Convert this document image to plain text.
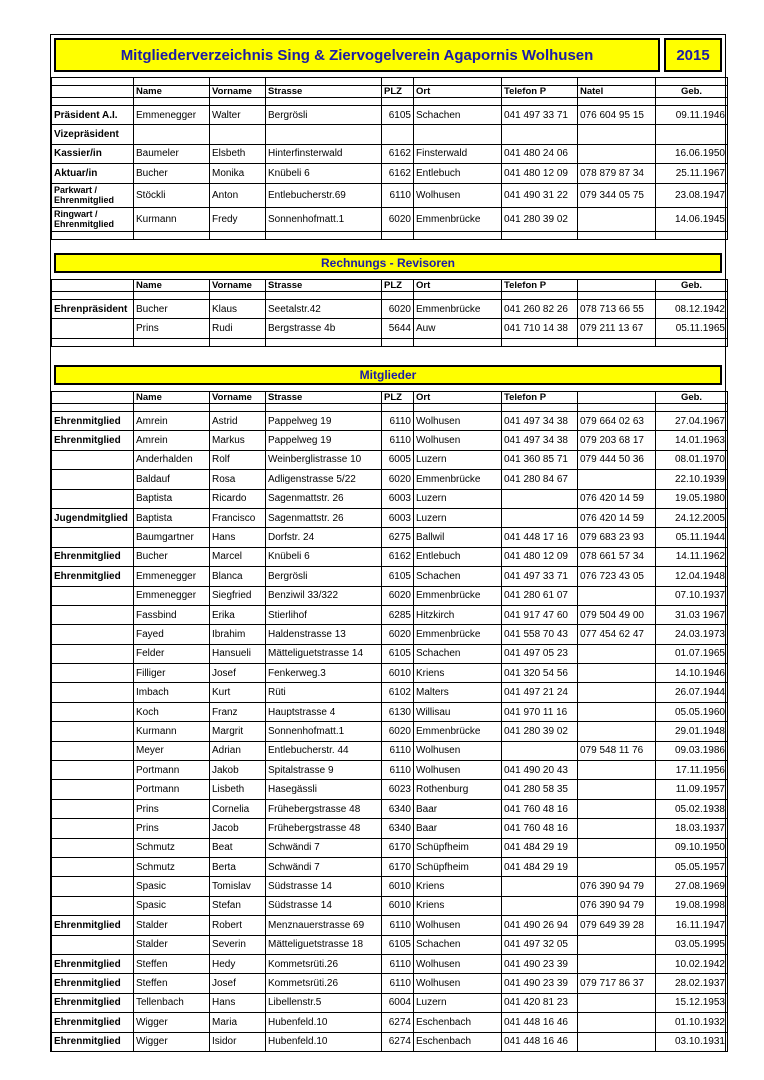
Mitgliederverzeichnis Sing & Ziervogelverein Agapornis Wolhusen	2015

	Name	Vorname	Strasse	PLZ	Ort	Telefon P	Natel	Geb.

Präsident A.I.	Emmenegger	Walter	Bergrösli	6105	Schachen	041 497 33 71	076 604 95 15	09.11.1946
Vizepräsident								
Kassier/in	Baumeler	Elsbeth	Hinterfinsterwald	6162	Finsterwald	041 480 24 06		16.06.1950
Aktuar/in	Bucher	Monika	Knübeli 6	6162	Entlebuch	041 480 12 09	078 879 87 34	25.11.1967
Parkwart / Ehrenmitglied	Stöckli	Anton	Entlebucherstr.69	6110	Wolhusen	041 490 31 22	079 344 05 75	23.08.1947
Ringwart / Ehrenmitglied	Kurmann	Fredy	Sonnenhofmatt.1	6020	Emmenbrücke	041 280 39 02		14.06.1945

Rechnungs - Revisoren
	Name	Vorname	Strasse	PLZ	Ort	Telefon P		Geb.

Ehrenpräsident	Bucher	Klaus	Seetalstr.42	6020	Emmenbrücke	041 260 82 26	078 713 66 55	08.12.1942
	Prins	Rudi	Bergstrasse 4b	5644	Auw	041 710 14 38	079 211 13 67	05.11.1965

Mitglieder
	Name	Vorname	Strasse	PLZ	Ort	Telefon P		Geb.

Ehrenmitglied	Amrein	Astrid	Pappelweg 19	6110	Wolhusen	041 497 34 38	079 664 02 63	27.04.1967
Ehrenmitglied	Amrein	Markus	Pappelweg 19	6110	Wolhusen	041 497 34 38	079 203 68 17	14.01.1963
	Anderhalden	Rolf	Weinberglistrasse 10	6005	Luzern	041 360 85 71	079 444 50 36	08.01.1970
	Baldauf	Rosa	Adligenstrasse 5/22	6020	Emmenbrücke	041 280 84 67		22.10.1939
	Baptista	Ricardo	Sagenmattstr. 26	6003	Luzern		076 420 14 59	19.05.1980
Jugendmitglied	Baptista	Francisco	Sagenmattstr. 26	6003	Luzern		076 420 14 59	24.12.2005
	Baumgartner	Hans	Dorfstr. 24	6275	Ballwil	041 448 17 16	079 683 23 93	05.11.1944
Ehrenmitglied	Bucher	Marcel	Knübeli 6	6162	Entlebuch	041 480 12 09	078 661 57 34	14.11.1962
Ehrenmitglied	Emmenegger	Blanca	Bergrösli	6105	Schachen	041 497 33 71	076 723 43 05	12.04.1948
	Emmenegger	Siegfried	Benziwil 33/322	6020	Emmenbrücke	041 280 61 07		07.10.1937
	Fassbind	Erika	Stierlihof	6285	Hitzkirch	041 917 47 60	079 504 49 00	31.03 1967
	Fayed	Ibrahim	Haldenstrasse 13	6020	Emmenbrücke	041 558 70 43	077 454 62 47	24.03.1973
	Felder	Hansueli	Mätteliguetstrasse 14	6105	Schachen	041 497 05 23		01.07.1965
	Filliger	Josef	Fenkerweg.3	6010	Kriens	041 320 54 56		14.10.1946
	Imbach	Kurt	Rüti	6102	Malters	041 497 21 24		26.07.1944
	Koch	Franz	Hauptstrasse 4	6130	Willisau	041 970 11 16		05.05.1960
	Kurmann	Margrit	Sonnenhofmatt.1	6020	Emmenbrücke	041 280 39 02		29.01.1948
	Meyer	Adrian	Entlebucherstr. 44	6110	Wolhusen		079 548 11 76	09.03.1986
	Portmann	Jakob	Spitalstrasse 9	6110	Wolhusen	041 490 20 43		17.11.1956
	Portmann	Lisbeth	Hasegässli	6023	Rothenburg	041 280 58 35		11.09.1957
	Prins	Cornelia	Frühebergstrasse 48	6340	Baar	041 760 48 16		05.02.1938
	Prins	Jacob	Frühebergstrasse 48	6340	Baar	041 760 48 16		18.03.1937
	Schmutz	Beat	Schwändi 7	6170	Schüpfheim	041 484 29 19		09.10.1950
	Schmutz	Berta	Schwändi 7	6170	Schüpfheim	041 484 29 19		05.05.1957
	Spasic	Tomislav	Südstrasse 14	6010	Kriens		076 390 94 79	27.08.1969
	Spasic	Stefan	Südstrasse 14	6010	Kriens		076 390 94 79	19.08.1998
Ehrenmitglied	Stalder	Robert	Menznauerstrasse 69	6110	Wolhusen	041 490 26 94	079 649 39 28	16.11.1947
	Stalder	Severin	Mätteliguetstrasse 18	6105	Schachen	041 497 32 05		03.05.1995
Ehrenmitglied	Steffen	Hedy	Kommetsrüti.26	6110	Wolhusen	041 490 23 39		10.02.1942
Ehrenmitglied	Steffen	Josef	Kommetsrüti.26	6110	Wolhusen	041 490 23 39	079 717 86 37	28.02.1937
Ehrenmitglied	Tellenbach	Hans	Libellenstr.5	6004	Luzern	041 420 81 23		15.12.1953
Ehrenmitglied	Wigger	Maria	Hubenfeld.10	6274	Eschenbach	041 448 16 46		01.10.1932
Ehrenmitglied	Wigger	Isidor	Hubenfeld.10	6274	Eschenbach	041 448 16 46		03.10.1931
